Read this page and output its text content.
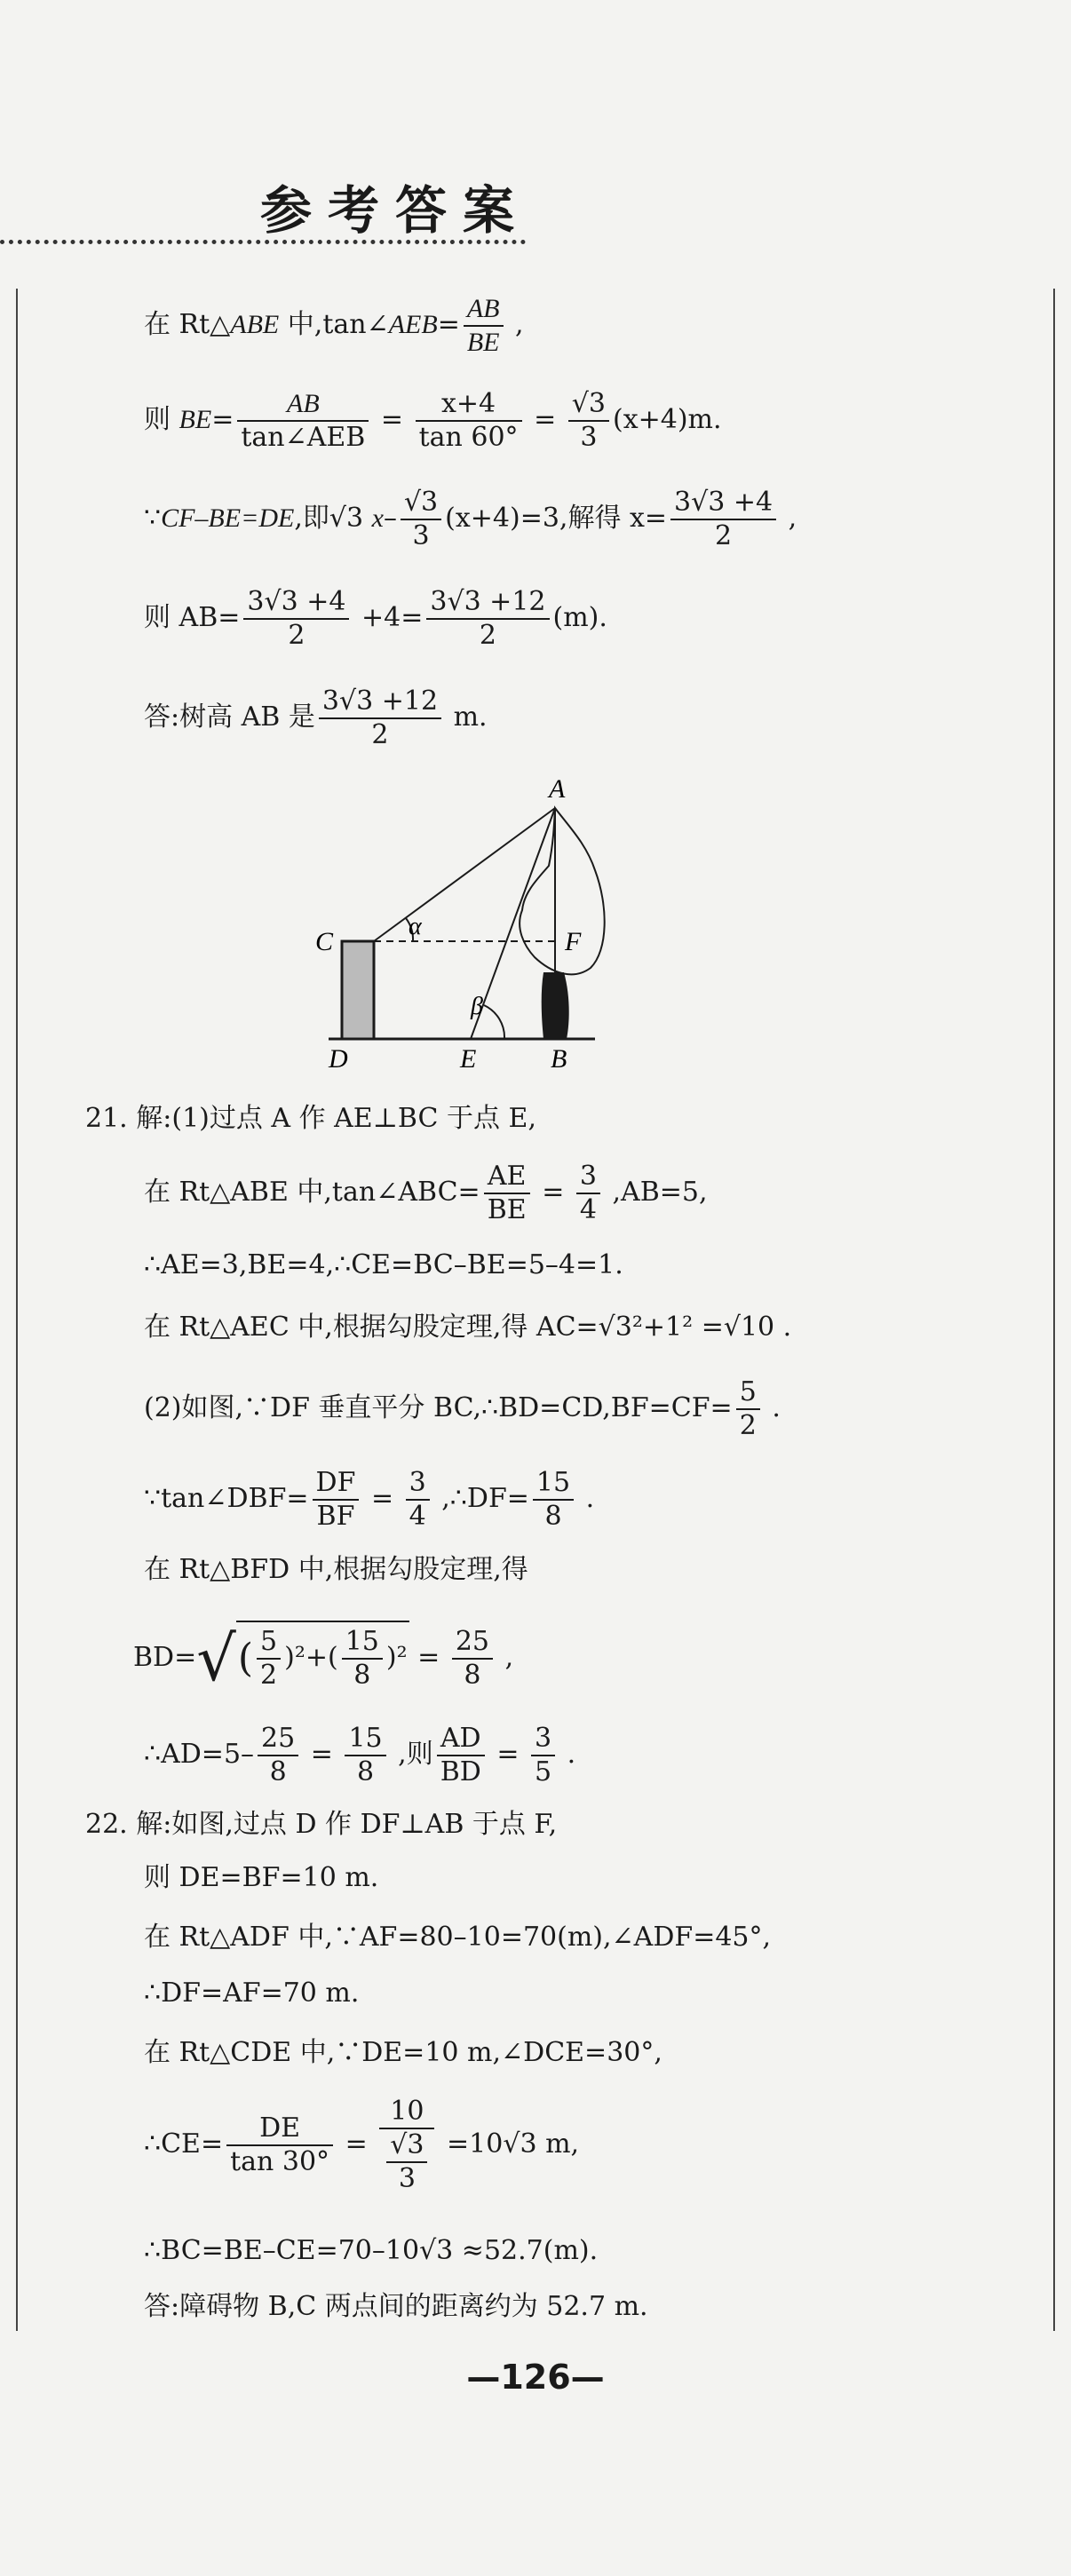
参考答案
在 Rt△ABE 中,tan∠AEB= $\frac{AB}{BE}$ ,
则 $BE= \frac{AB}{\text{tan∠AEB}} = \frac{x+4}{\tan 60^\circ} = \frac{√3}{3} (x+4)m$.
∵CF–BE=DE,即√3 $x- \frac{√3}{3} (x+4)=3$,解得 $x= \frac{3√3 +4}{2}$ ,
则 $AB= \frac{3√3 +4}{2} +4= \frac{3√3 +12}{2} (m)$.
答:树高 AB 是 $\frac{3√3 +12}{2} m$.
A
C	F
D	E	B
α
β
21. 解:(1)过点 A 作 AE⊥BC 于点 E,
在 Rt△ABE 中,tan∠ABC= $\frac{AE}{BE} = \frac{3}{4} ,AB=5$,
∴AE=3,BE=4,∴CE=BC–BE=5–4=1.
在 Rt△AEC 中,根据勾股定理,得 AC=√3²+1² =√10 .
(2)如图,∵DF 垂直平分 BC,∴BD=CD,BF=CF= $\frac{5}{2}$ .
∵tan∠DBF= $\frac{DF}{BF} = \frac{3}{4}$ ,∴DF= $\frac{15}{8}$ .
在 Rt△BFD 中,根据勾股定理,得
$BD=√( \frac{5}{2} )^2+( \frac{15}{8} )^2 = \frac{25}{8}$ ,
∴AD=5– $\frac{25}{8} = \frac{15}{8}$ ,则 $\frac{AD}{BD} = \frac{3}{5}$ .
22. 解:如图,过点 D 作 DF⊥AB 于点 F,
则 DE=BF=10 m.
在 Rt△ADF 中,∵AF=80–10=70(m),∠ADF=45°,
∴DF=AF=70 m.
在 Rt△CDE 中,∵DE=10 m,∠DCE=30°,
∴CE= $\frac{DE}{\tan 30^\circ} = \frac{10}{\frac{√3}{3}} =10√3$ m,
∴BC=BE–CE=70–10√3 ≈52.7(m).
答:障碍物 B,C 两点间的距离约为 52.7 m.
—126—
